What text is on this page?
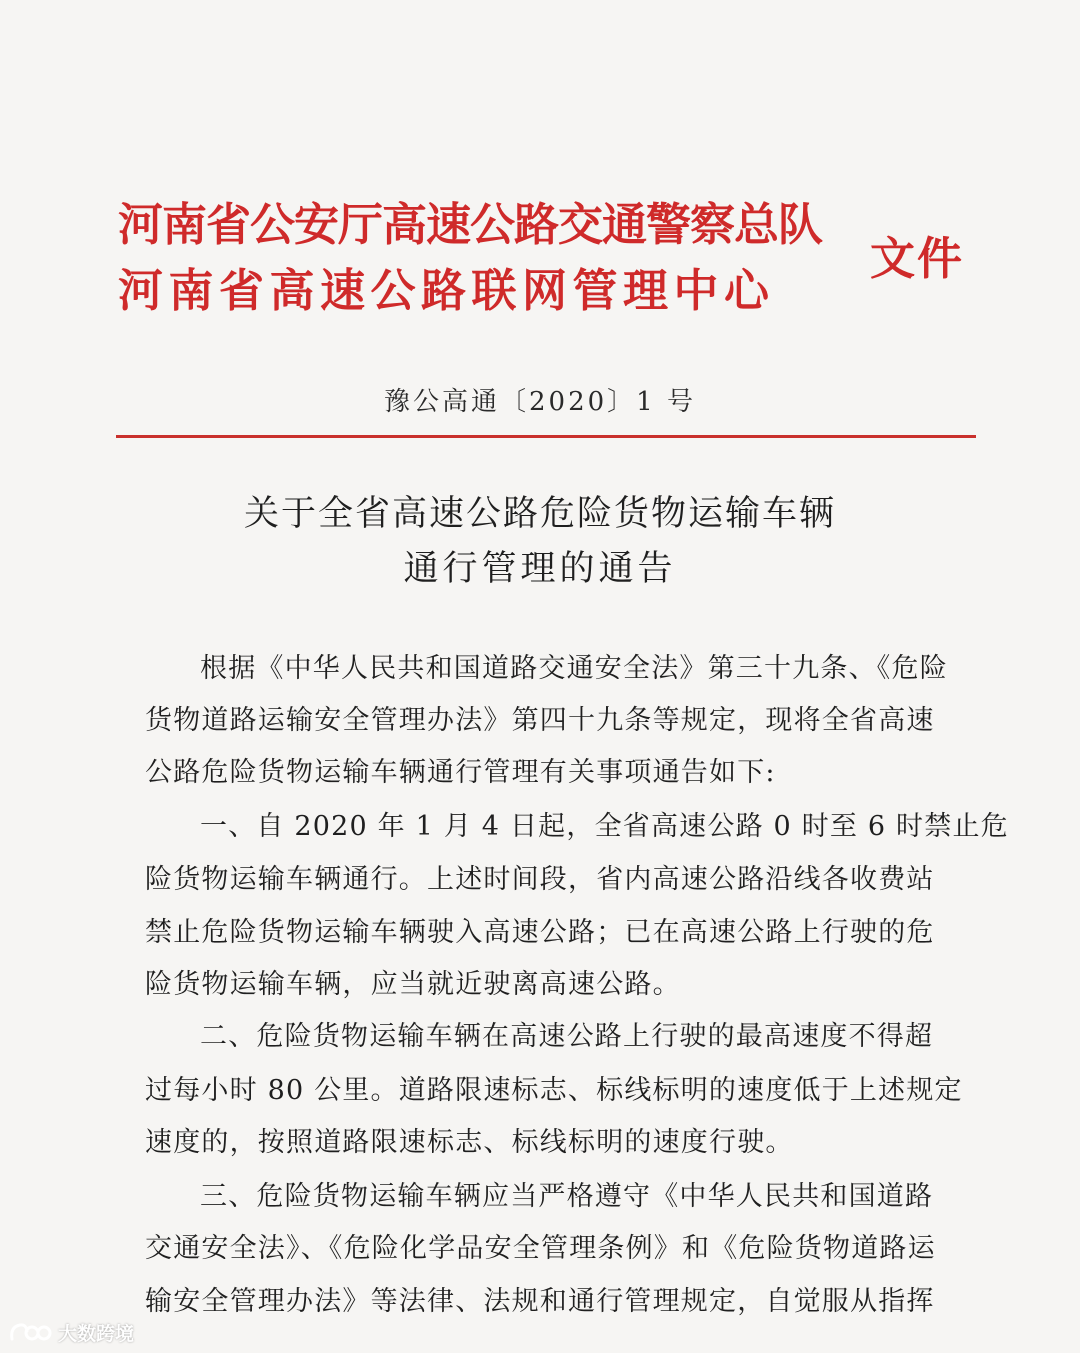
河南省公安厅高速公路交通警察总队
河南省高速公路联网管理中心
文件
豫公高通〔2020〕1 号
关于全省高速公路危险货物运输车辆
通行管理的通告
根据《中华人民共和国道路交通安全法》第三十九条、《危险
货物道路运输安全管理办法》第四十九条等规定，现将全省高速
公路危险货物运输车辆通行管理有关事项通告如下:
一、自 2020 年 1 月 4 日起，全省高速公路 0 时至 6 时禁止危
险货物运输车辆通行。上述时间段，省内高速公路沿线各收费站
禁止危险货物运输车辆驶入高速公路；已在高速公路上行驶的危
险货物运输车辆，应当就近驶离高速公路。
二、危险货物运输车辆在高速公路上行驶的最高速度不得超
过每小时 80 公里。道路限速标志、标线标明的速度低于上述规定
速度的，按照道路限速标志、标线标明的速度行驶。
三、危险货物运输车辆应当严格遵守《中华人民共和国道路
交通安全法》、《危险化学品安全管理条例》和《危险货物道路运
输安全管理办法》等法律、法规和通行管理规定，自觉服从指挥
大数跨境
